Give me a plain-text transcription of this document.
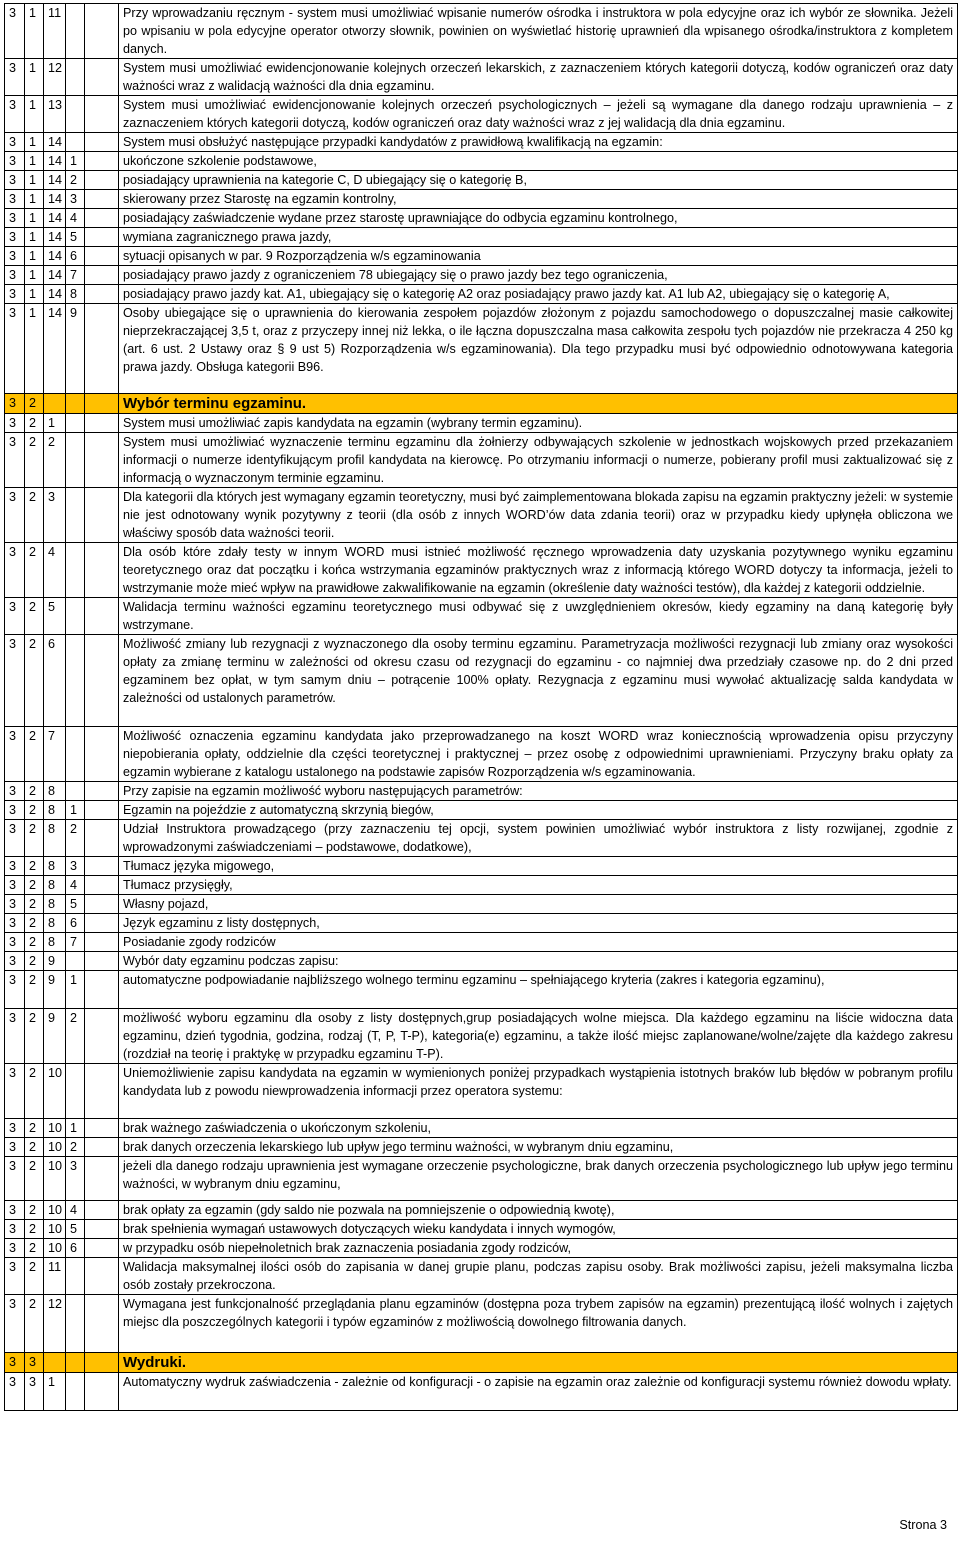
3	1	11			Przy wprowadzaniu ręcznym - system musi umożliwiać wpisanie numerów ośrodka i instruktora w pola edycyjne oraz ich wybór ze słownika. Jeżeli po wpisaniu w pola edycyjne operator otworzy słownik, powinien on wyświetlać historię uprawnień dla wpisanego ośrodka/instruktora z kompletem danych.
3	1	12			System musi umożliwiać ewidencjonowanie kolejnych orzeczeń lekarskich, z zaznaczeniem których kategorii dotyczą, kodów ograniczeń oraz daty ważności wraz z walidacją ważności dla dnia egzaminu.
3	1	13			System musi umożliwiać ewidencjonowanie kolejnych orzeczeń psychologicznych – jeżeli są wymagane dla danego rodzaju uprawnienia – z zaznaczeniem których kategorii dotyczą, kodów ograniczeń oraz daty ważności wraz z jej walidacją dla dnia egzaminu.
3	1	14			System musi obsłużyć następujące przypadki kandydatów z prawidłową kwalifikacją na egzamin:
3	1	14	1		ukończone szkolenie podstawowe,
3	1	14	2		posiadający uprawnienia na kategorie C, D ubiegający się o kategorię B,
3	1	14	3		skierowany przez Starostę na egzamin kontrolny,
3	1	14	4		posiadający zaświadczenie wydane przez starostę uprawniające do odbycia egzaminu kontrolnego,
3	1	14	5		wymiana zagranicznego prawa jazdy,
3	1	14	6		sytuacji opisanych w par. 9 Rozporządzenia w/s egzaminowania
3	1	14	7		posiadający prawo jazdy z ograniczeniem 78 ubiegający się o prawo jazdy bez tego ograniczenia,
3	1	14	8		posiadający prawo jazdy kat. A1, ubiegający się o kategorię A2 oraz posiadający prawo jazdy kat. A1 lub A2, ubiegający się o kategorię A,
3	1	14	9		Osoby ubiegające się o uprawnienia do kierowania zespołem pojazdów złożonym z pojazdu samochodowego o dopuszczalnej masie całkowitej nieprzekraczającej 3,5 t, oraz z przyczepy innej niż lekka, o ile łączna dopuszczalna masa całkowita zespołu tych pojazdów nie przekracza 4 250 kg (art. 6 ust. 2 Ustawy oraz § 9 ust 5) Rozporządzenia w/s egzaminowania). Dla tego przypadku musi być odpowiednio odnotowywana kategoria prawa jazdy. Obsługa kategorii B96.
3	2				Wybór terminu egzaminu.
3	2	1			System musi umożliwiać zapis kandydata na egzamin (wybrany termin egzaminu).
3	2	2			System musi umożliwiać wyznaczenie terminu egzaminu dla żołnierzy odbywających szkolenie w jednostkach wojskowych przed przekazaniem informacji o numerze identyfikującym profil kandydata na kierowcę. Po otrzymaniu informacji o numerze, pobierany profil musi zaktualizować się z informacją o wyznaczonym terminie egzaminu.
3	2	3			Dla kategorii dla których jest wymagany egzamin teoretyczny, musi być zaimplementowana blokada zapisu na egzamin praktyczny jeżeli: w systemie nie jest odnotowany wynik pozytywny z teorii (dla osób z innych WORD’ów data zdania teorii) oraz w przypadku kiedy upłynęła obliczona we właściwy sposób data ważności teorii.
3	2	4			Dla osób które zdały testy w innym WORD musi istnieć możliwość ręcznego wprowadzenia daty uzyskania pozytywnego wyniku egzaminu teoretycznego oraz dat początku i końca wstrzymania egzaminów praktycznych wraz z informacją którego WORD dotyczy ta informacja, jeżeli to wstrzymanie może mieć wpływ na prawidłowe zakwalifikowanie na egzamin (określenie daty ważności testów), dla każdej z kategorii oddzielnie.
3	2	5			Walidacja terminu ważności egzaminu teoretycznego musi odbywać się z uwzględnieniem okresów, kiedy egzaminy na daną kategorię były wstrzymane.
3	2	6			Możliwość zmiany lub rezygnacji z wyznaczonego dla osoby terminu egzaminu. Parametryzacja możliwości rezygnacji lub zmiany oraz wysokości opłaty za zmianę terminu w zależności od okresu czasu od rezygnacji do egzaminu - co najmniej dwa przedziały czasowe np. do 2 dni przed egzaminem bez opłat, w tym samym dniu – potrącenie 100% opłaty. Rezygnacja z egzaminu musi wywołać aktualizację salda kandydata w zależności od ustalonych parametrów.
3	2	7			Możliwość oznaczenia egzaminu kandydata jako przeprowadzanego na koszt WORD wraz koniecznością wprowadzenia opisu przyczyny niepobierania opłaty, oddzielnie dla części teoretycznej i praktycznej – przez osobę z odpowiednimi uprawnieniami. Przyczyny braku opłaty za egzamin wybierane z katalogu ustalonego na podstawie zapisów Rozporządzenia w/s egzaminowania.
3	2	8			Przy zapisie na egzamin możliwość wyboru następujących parametrów:
3	2	8	1		Egzamin na pojeździe z automatyczną skrzynią biegów,
3	2	8	2		Udział Instruktora prowadzącego (przy zaznaczeniu tej opcji, system powinien umożliwiać wybór instruktora z listy rozwijanej, zgodnie z wprowadzonymi zaświadczeniami – podstawowe, dodatkowe),
3	2	8	3		Tłumacz języka migowego,
3	2	8	4		Tłumacz przysięgły,
3	2	8	5		Własny pojazd,
3	2	8	6		Język egzaminu z listy dostępnych,
3	2	8	7		Posiadanie zgody rodziców
3	2	9			Wybór daty egzaminu podczas zapisu:
3	2	9	1		automatyczne podpowiadanie najbliższego wolnego terminu egzaminu – spełniającego kryteria (zakres i kategoria egzaminu),
3	2	9	2		możliwość wyboru egzaminu dla osoby z listy dostępnych,grup posiadających wolne miejsca. Dla każdego egzaminu na liście widoczna data egzaminu, dzień tygodnia, godzina, rodzaj (T, P, T-P), kategoria(e) egzaminu, a także ilość miejsc zaplanowane/wolne/zajęte dla każdego zakresu (rozdział na teorię i praktykę w przypadku egzaminu T-P).
3	2	10			Uniemożliwienie zapisu kandydata na egzamin w wymienionych poniżej przypadkach wystąpienia istotnych braków lub błędów w pobranym profilu kandydata lub z powodu niewprowadzenia informacji przez operatora systemu:
3	2	10	1		brak ważnego zaświadczenia o ukończonym szkoleniu,
3	2	10	2		brak danych orzeczenia lekarskiego lub upływ jego terminu ważności, w wybranym dniu egzaminu,
3	2	10	3		jeżeli dla danego rodzaju uprawnienia jest wymagane orzeczenie psychologiczne, brak danych orzeczenia psychologicznego lub upływ jego terminu ważności, w wybranym dniu egzaminu,
3	2	10	4		brak opłaty za egzamin (gdy saldo nie pozwala na pomniejszenie o odpowiednią kwotę),
3	2	10	5		brak spełnienia wymagań ustawowych dotyczących wieku kandydata i innych wymogów,
3	2	10	6		w przypadku osób niepełnoletnich brak zaznaczenia posiadania zgody rodziców,
3	2	11			Walidacja maksymalnej ilości osób do zapisania w danej grupie planu, podczas zapisu osoby. Brak możliwości zapisu, jeżeli maksymalna liczba osób zostały przekroczona.
3	2	12			Wymagana jest funkcjonalność przeglądania planu egzaminów (dostępna poza trybem zapisów na egzamin) prezentującą ilość wolnych i zajętych miejsc dla poszczególnych kategorii i typów egzaminów z możliwością dowolnego filtrowania danych.
3	3				Wydruki.
3	3	1			Automatyczny wydruk zaświadczenia - zależnie od konfiguracji - o zapisie na egzamin oraz zależnie od konfiguracji systemu również dowodu wpłaty.
Strona 3
